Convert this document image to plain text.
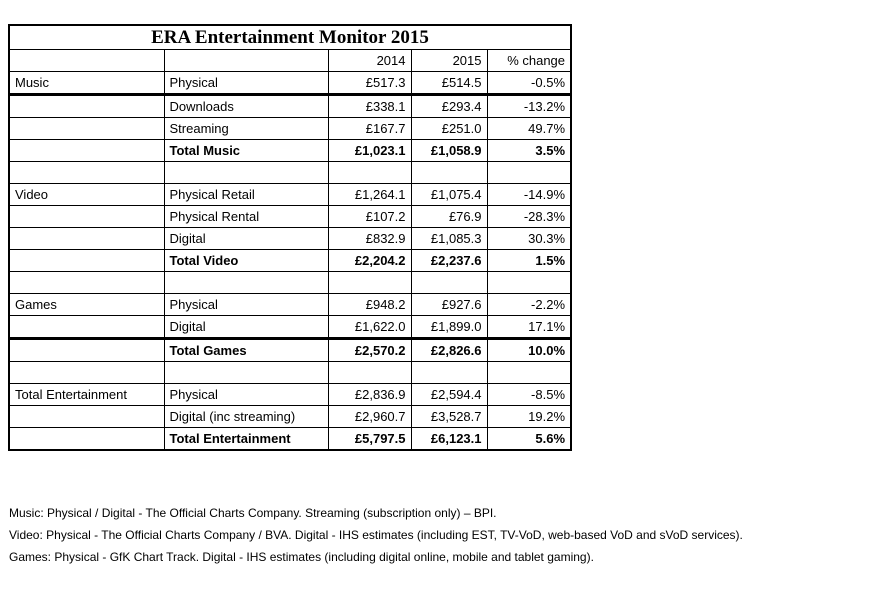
ERA Entertainment Monitor 2015				
		2014	2015	% change
Music	Physical	£517.3	£514.5	-0.5%
	Downloads	£338.1	£293.4	-13.2%
	Streaming	£167.7	£251.0	49.7%
	Total Music	£1,023.1	£1,058.9	3.5%

Video	Physical Retail	£1,264.1	£1,075.4	-14.9%
	Physical Rental	£107.2	£76.9	-28.3%
	Digital	£832.9	£1,085.3	30.3%
	Total Video	£2,204.2	£2,237.6	1.5%

Games	Physical	£948.2	£927.6	-2.2%
	Digital	£1,622.0	£1,899.0	17.1%
	Total Games	£2,570.2	£2,826.6	10.0%

Total Entertainment	Physical	£2,836.9	£2,594.4	-8.5%
	Digital (inc streaming)	£2,960.7	£3,528.7	19.2%
	Total Entertainment	£5,797.5	£6,123.1	5.6%

Music: Physical / Digital - The Official Charts Company. Streaming (subscription only) – BPI.

Video: Physical - The Official Charts Company / BVA. Digital - IHS estimates (including EST, TV-VoD, web-based VoD and sVoD services).

Games: Physical - GfK Chart Track. Digital - IHS estimates (including digital online, mobile and tablet gaming).
